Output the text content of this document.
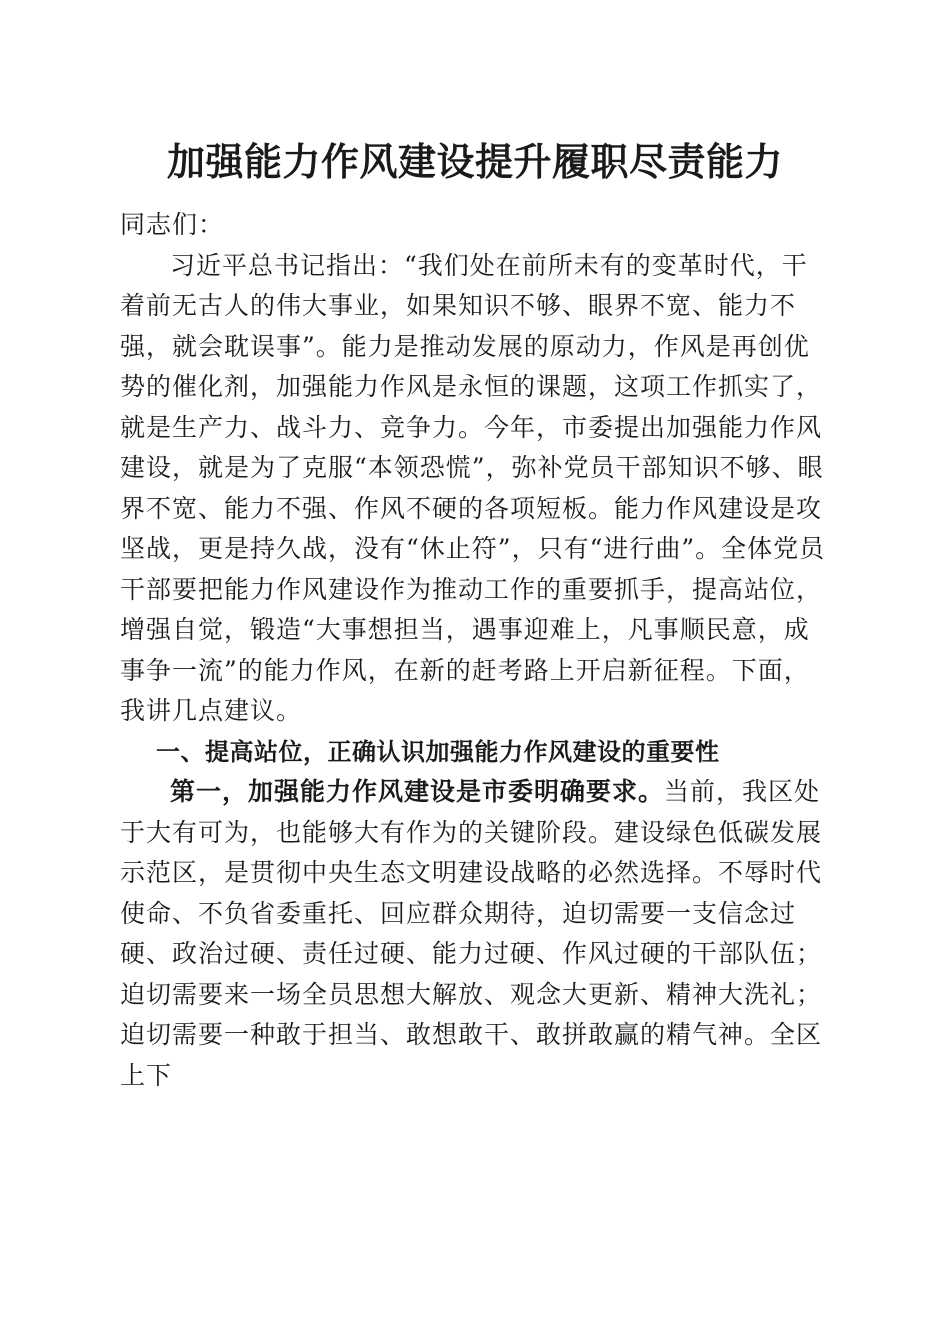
加强能力作风建设提升履职尽责能力

同志们：

习近平总书记指出：“我们处在前所未有的变革时代，干着前无古人的伟大事业，如果知识不够、眼界不宽、能力不强，就会耽误事”。能力是推动发展的原动力，作风是再创优势的催化剂，加强能力作风是永恒的课题，这项工作抓实了，就是生产力、战斗力、竞争力。今年，市委提出加强能力作风建设，就是为了克服“本领恐慌”，弥补党员干部知识不够、眼界不宽、能力不强、作风不硬的各项短板。能力作风建设是攻坚战，更是持久战，没有“休止符”，只有“进行曲”。全体党员干部要把能力作风建设作为推动工作的重要抓手，提高站位，增强自觉，锻造“大事想担当，遇事迎难上，凡事顺民意，成事争一流”的能力作风，在新的赶考路上开启新征程。下面，我讲几点建议。

一、提高站位，正确认识加强能力作风建设的重要性

第一，加强能力作风建设是市委明确要求。当前，我区处于大有可为，也能够大有作为的关键阶段。建设绿色低碳发展示范区，是贯彻中央生态文明建设战略的必然选择。不辱时代使命、不负省委重托、回应群众期待，迫切需要一支信念过硬、政治过硬、责任过硬、能力过硬、作风过硬的干部队伍；迫切需要来一场全员思想大解放、观念大更新、精神大洗礼；迫切需要一种敢于担当、敢想敢干、敢拼敢赢的精气神。全区上下
